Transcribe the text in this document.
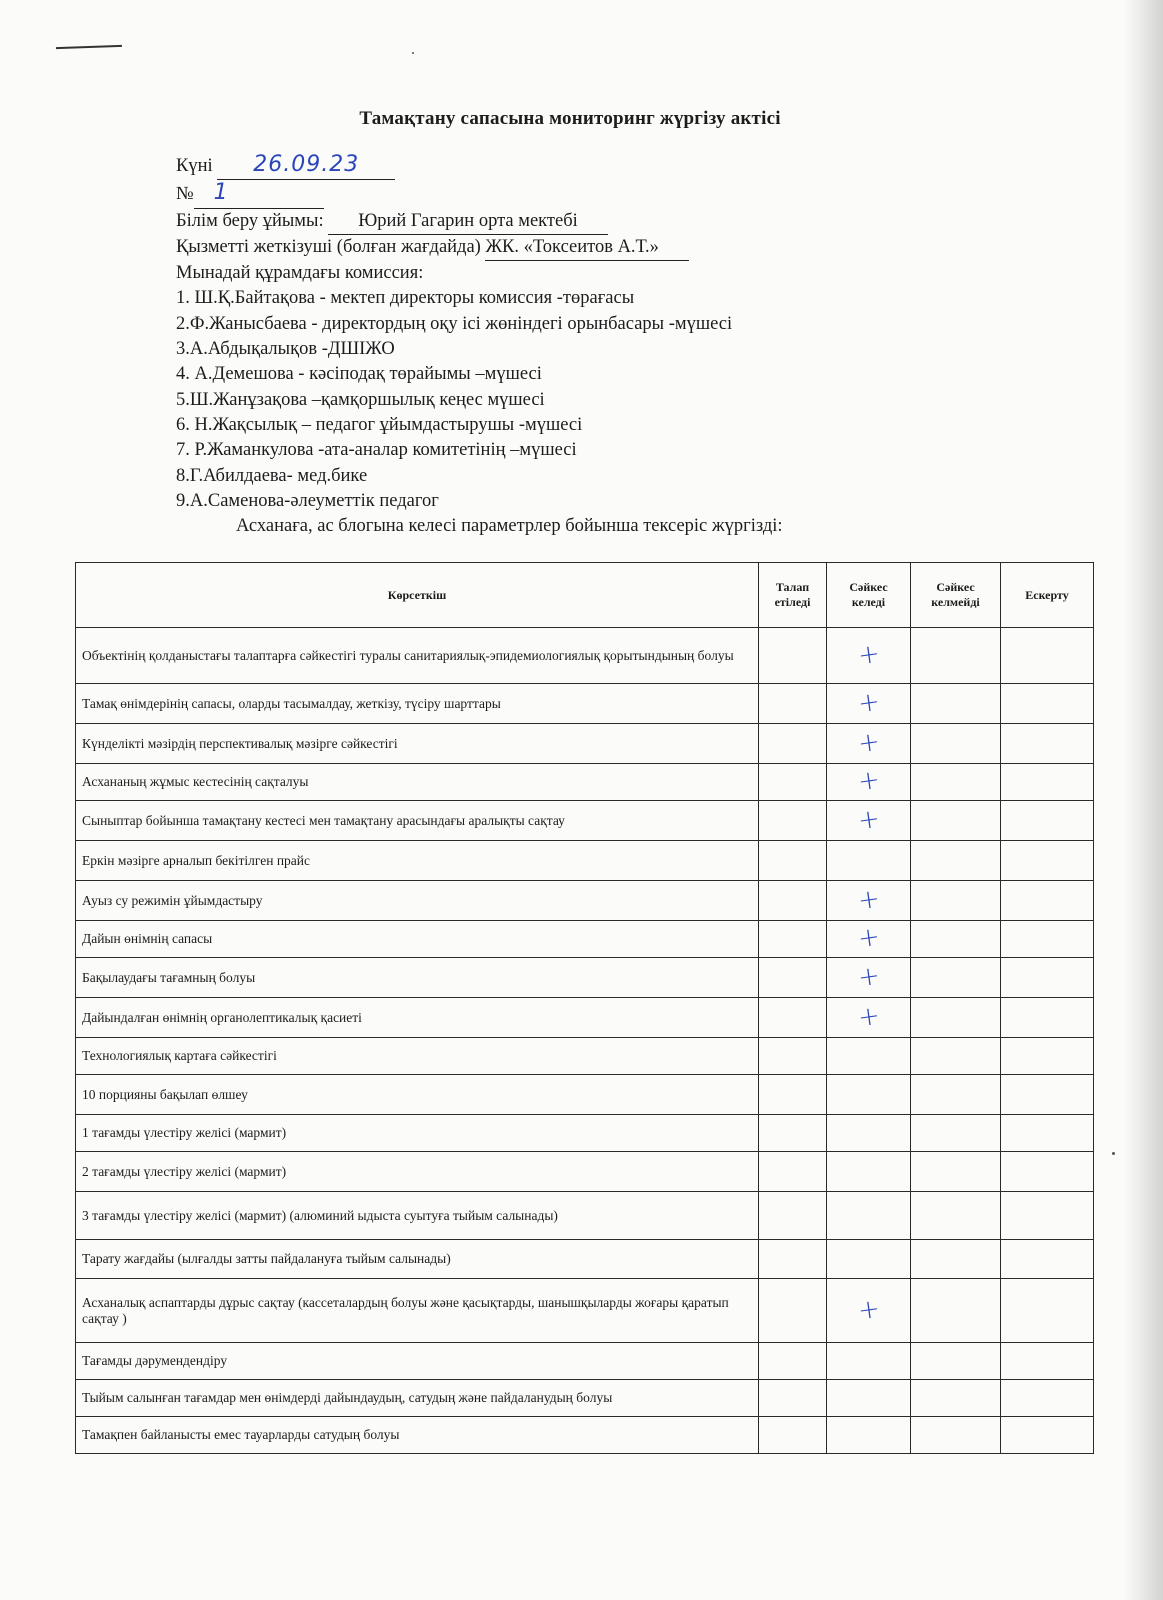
Тамақтану сапасына мониторинг жүргізу актісі
Күні 26.09.23
№ 1
Білім беру ұйымы: Юрий Гагарин орта мектебі
Қызметті жеткізуші (болған жағдайда) ЖК. «Токсеитов А.Т.»
Мынадай құрамдағы комиссия:
1. Ш.Қ.Байтақова - мектеп директоры комиссия -төрағасы
2.Ф.Жанысбаева - директордың оқу ісі жөніндегі орынбасары -мүшесі
3.А.Абдықалықов -ДШІЖО
4. А.Демешова - кәсіподақ төрайымы –мүшесі
5.Ш.Жанұзақова –қамқоршылық кеңес мүшесі
6. Н.Жақсылық – педагог ұйымдастырушы -мүшесі
7. Р.Жаманкулова -ата-аналар комитетінің –мүшесі
8.Г.Абилдаева- мед.бике
9.А.Саменова-әлеуметтік педагог
Асханаға, ас блогына келесі параметрлер бойынша тексеріс жүргізді:
Көрсеткіш	Талап етіледі	Сәйкес келеді	Сәйкес келмейді	Ескерту
Объектінің қолданыстағы талаптарға сәйкестігі туралы санитариялық-эпидемиологиялық қорытындының болуы		+		
Тамақ өнімдерінің сапасы, оларды тасымалдау, жеткізу, түсіру шарттары		+		
Күнделікті мәзірдің перспективалық мәзірге сәйкестігі		+		
Асхананың жұмыс кестесінің сақталуы		+		
Сыныптар бойынша тамақтану кестесі мен тамақтану арасындағы аралықты сақтау		+		
Еркін мәзірге арналып бекітілген прайс				
Ауыз су режимін ұйымдастыру		+		
Дайын өнімнің сапасы		+		
Бақылаудағы тағамның болуы		+		
Дайындалған өнімнің органолептикалық қасиеті		+		
Технологиялық картаға сәйкестігі				
10 порцияны бақылап өлшеу				
1 тағамды үлестіру желісі (мармит)				
2 тағамды үлестіру желісі (мармит)				
3 тағамды үлестіру желісі (мармит) (алюминий ыдыста суытуға тыйым салынады)				
Тарату жағдайы (ылғалды затты пайдалануға тыйым салынады)				
Асханалық аспаптарды дұрыс сақтау (кассеталардың болуы және қасықтарды, шанышқыларды жоғары қаратып сақтау )		+		
Тағамды дәрумендендіру				
Тыйым салынған тағамдар мен өнімдерді дайындаудың, сатудың және пайдаланудың болуы				
Тамақпен байланысты емес тауарларды сатудың болуы				
